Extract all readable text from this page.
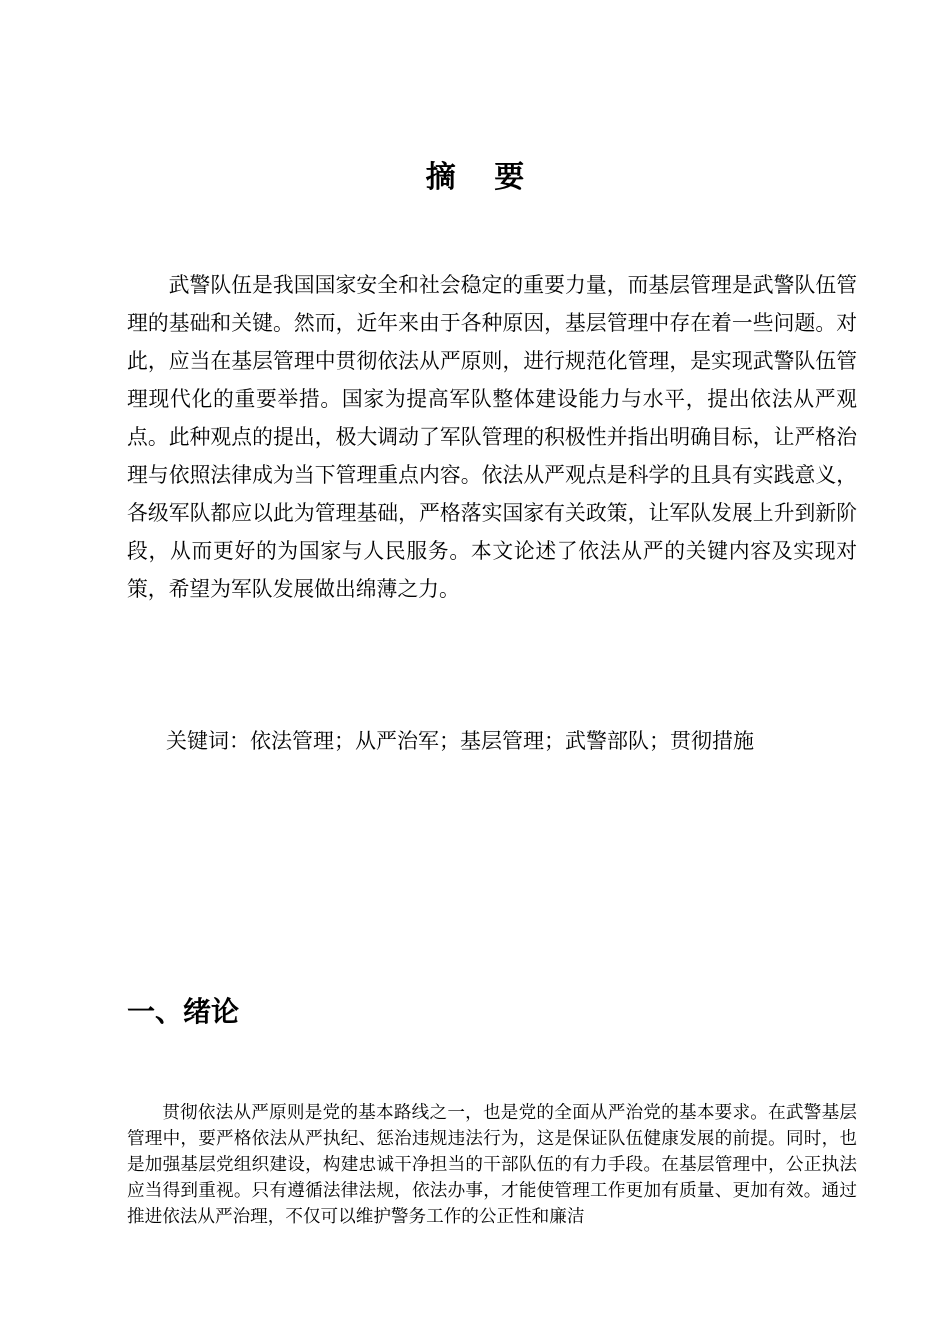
摘 要

武警队伍是我国国家安全和社会稳定的重要力量，而基层管理是武警队伍管理的基础和关键。然而，近年来由于各种原因，基层管理中存在着一些问题。对此，应当在基层管理中贯彻依法从严原则，进行规范化管理，是实现武警队伍管理现代化的重要举措。国家为提高军队整体建设能力与水平，提出依法从严观点。此种观点的提出，极大调动了军队管理的积极性并指出明确目标，让严格治理与依照法律成为当下管理重点内容。依法从严观点是科学的且具有实践意义，各级军队都应以此为管理基础，严格落实国家有关政策，让军队发展上升到新阶段，从而更好的为国家与人民服务。本文论述了依法从严的关键内容及实现对策，希望为军队发展做出绵薄之力。

关键词：依法管理；从严治军；基层管理；武警部队；贯彻措施
一、绪论

贯彻依法从严原则是党的基本路线之一，也是党的全面从严治党的基本要求。在武警基层管理中，要严格依法从严执纪、惩治违规违法行为，这是保证队伍健康发展的前提。同时，也是加强基层党组织建设，构建忠诚干净担当的干部队伍的有力手段。在基层管理中，公正执法应当得到重视。只有遵循法律法规，依法办事，才能使管理工作更加有质量、更加有效。通过推进依法从严治理，不仅可以维护警务工作的公正性和廉洁
